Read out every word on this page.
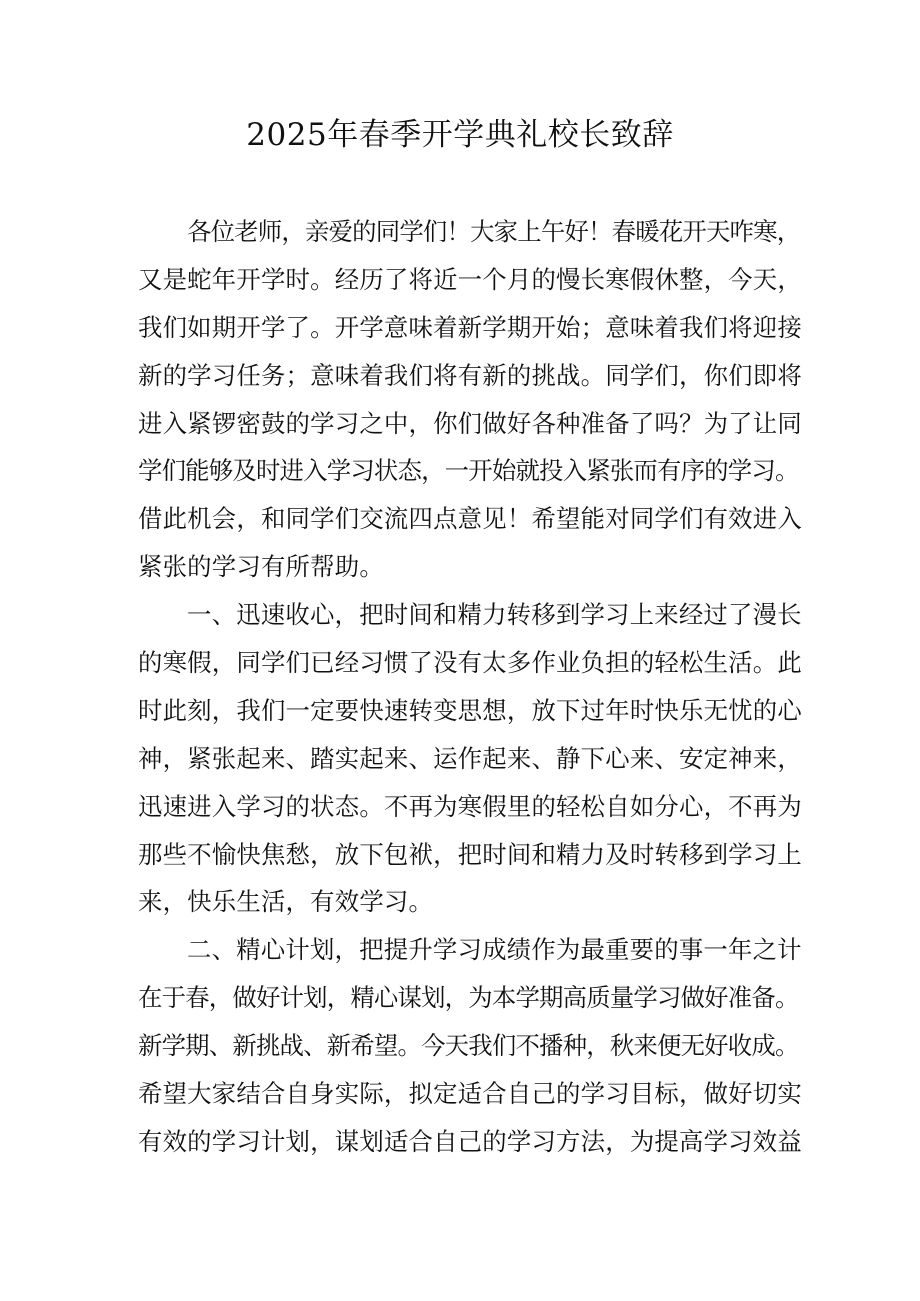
2025年春季开学典礼校长致辞
各位老师，亲爱的同学们！大家上午好！春暖花开天咋寒，
又是蛇年开学时。经历了将近一个月的慢长寒假休整，今天，
我们如期开学了。开学意味着新学期开始；意味着我们将迎接
新的学习任务；意味着我们将有新的挑战。同学们，你们即将
进入紧锣密鼓的学习之中，你们做好各种准备了吗？为了让同
学们能够及时进入学习状态，一开始就投入紧张而有序的学习。
借此机会，和同学们交流四点意见！希望能对同学们有效进入
紧张的学习有所帮助。
一、迅速收心，把时间和精力转移到学习上来经过了漫长
的寒假，同学们已经习惯了没有太多作业负担的轻松生活。此
时此刻，我们一定要快速转变思想，放下过年时快乐无忧的心
神，紧张起来、踏实起来、运作起来、静下心来、安定神来，
迅速进入学习的状态。不再为寒假里的轻松自如分心，不再为
那些不愉快焦愁，放下包袱，把时间和精力及时转移到学习上
来，快乐生活，有效学习。
二、精心计划，把提升学习成绩作为最重要的事一年之计
在于春，做好计划，精心谋划，为本学期高质量学习做好准备。
新学期、新挑战、新希望。今天我们不播种，秋来便无好收成。
希望大家结合自身实际，拟定适合自己的学习目标，做好切实
有效的学习计划，谋划适合自己的学习方法，为提高学习效益
